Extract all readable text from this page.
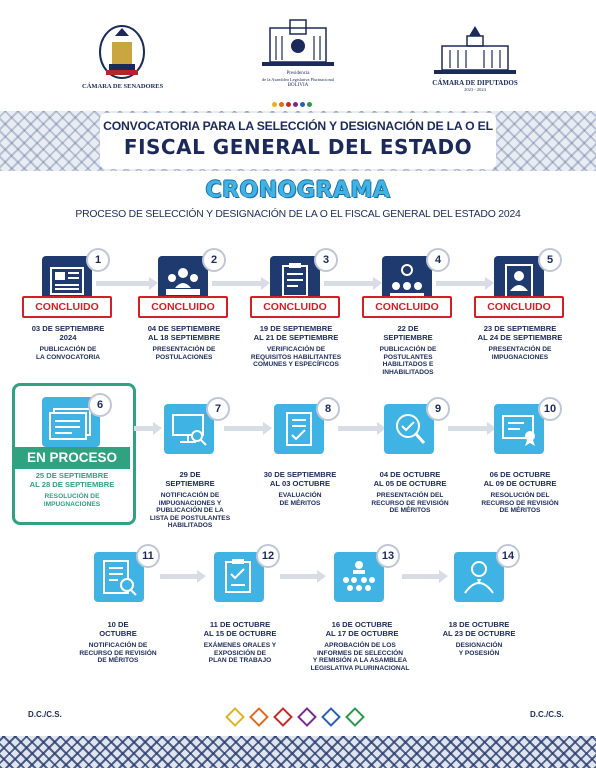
CÁMARA DE SENADORES
Presidencia
de la Asamblea Legislativa Plurinacional
BOLIVIA	CÁMARA DE DIPUTADOS
2023 - 2024
CONVOCATORIA PARA LA SELECCIÓN Y DESIGNACIÓN DE LA O EL
FISCAL GENERAL DEL ESTADO
CRONOGRAMA
PROCESO DE SELECCIÓN Y DESIGNACIÓN DE LA O EL FISCAL GENERAL DEL ESTADO 2024
1
CONCLUIDO
03 DE SEPTIEMBRE
2024
PUBLICACIÓN DE
LA CONVOCATORIA
2
CONCLUIDO
04 DE SEPTIEMBRE
AL 18 SEPTIEMBRE
PRESENTACIÓN DE
POSTULACIONES
3
CONCLUIDO
19 DE SEPTIEMBRE
AL 21 DE SEPTIEMBRE
VERIFICACIÓN DE
REQUISITOS HABILITANTES
COMUNES Y ESPECÍFICOS
4
CONCLUIDO
22 DE
SEPTIEMBRE
PUBLICACIÓN DE
POSTULANTES
HABILITADOS E
INHABILITADOS
5
CONCLUIDO
23 DE SEPTIEMBRE
AL 24 DE SEPTIEMBRE
PRESENTACIÓN DE
IMPUGNACIONES
6
EN PROCESO
25 DE SEPTIEMBRE
AL 28 DE SEPTIEMBRE
RESOLUCIÓN DE
IMPUGNACIONES
7
29 DE
SEPTIEMBRE
NOTIFICACIÓN DE
IMPUGNACIONES Y
PUBLICACIÓN DE LA
LISTA DE POSTULANTES
HABILITADOS
8
30 DE SEPTIEMBRE
AL 03 OCTUBRE
EVALUACIÓN
DE MÉRITOS
9
04 DE OCTUBRE
AL 05 DE OCTUBRE
PRESENTACIÓN DEL
RECURSO DE REVISIÓN
DE MÉRITOS
10
06 DE OCTUBRE
AL 09 DE OCTUBRE
RESOLUCIÓN DEL
RECURSO DE REVISIÓN
DE MÉRITOS
11
10 DE
OCTUBRE
NOTIFICACIÓN DE
RECURSO DE REVISIÓN
DE MÉRITOS
12
11 DE OCTUBRE
AL 15 DE OCTUBRE
EXÁMENES ORALES Y
EXPOSICIÓN DE
PLAN DE TRABAJO
13
16 DE OCTUBRE
AL 17 DE OCTUBRE
APROBACIÓN DE LOS
INFORMES DE SELECCIÓN
Y REMISIÓN A LA ASAMBLEA
LEGISLATIVA PLURINACIONAL
14
18 DE OCTUBRE
AL 23 DE OCTUBRE
DESIGNACIÓN
Y POSESIÓN
D.C./C.S.	D.C./C.S.
